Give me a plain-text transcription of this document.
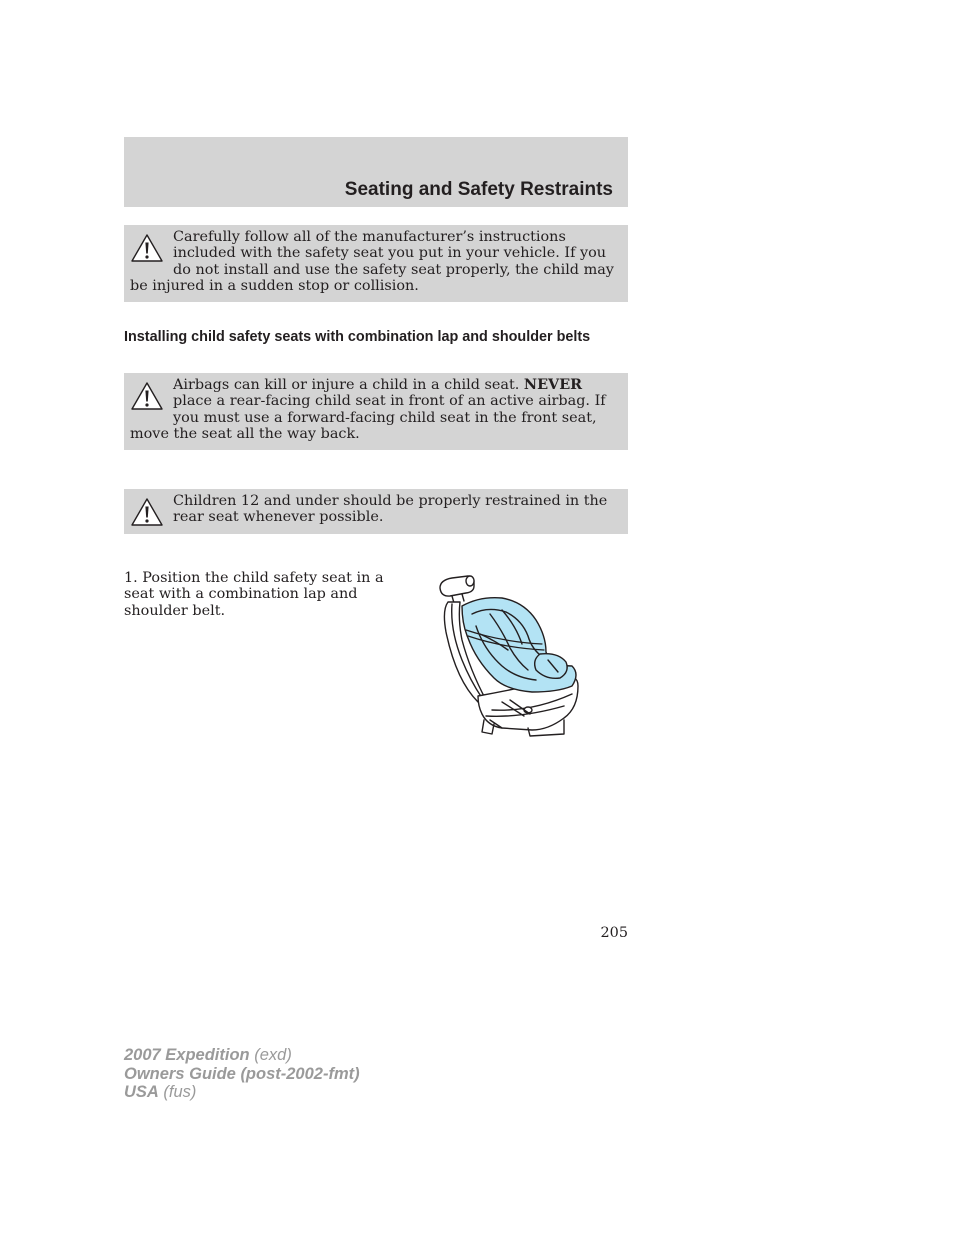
Seating and Safety Restraints
Carefully follow all of the manufacturer’s instructions included with the safety seat you put in your vehicle. If you do not install and use the safety seat properly, the child may be injured in a sudden stop or collision.
Installing child safety seats with combination lap and shoulder belts
Airbags can kill or injure a child in a child seat. NEVER place a rear-facing child seat in front of an active airbag. If you must use a forward-facing child seat in the front seat, move the seat all the way back.
Children 12 and under should be properly restrained in the rear seat whenever possible.

1. Position the child safety seat in a seat with a combination lap and shoulder belt.

205
2007 Expedition (exd)
Owners Guide (post-2002-fmt)
USA (fus)
